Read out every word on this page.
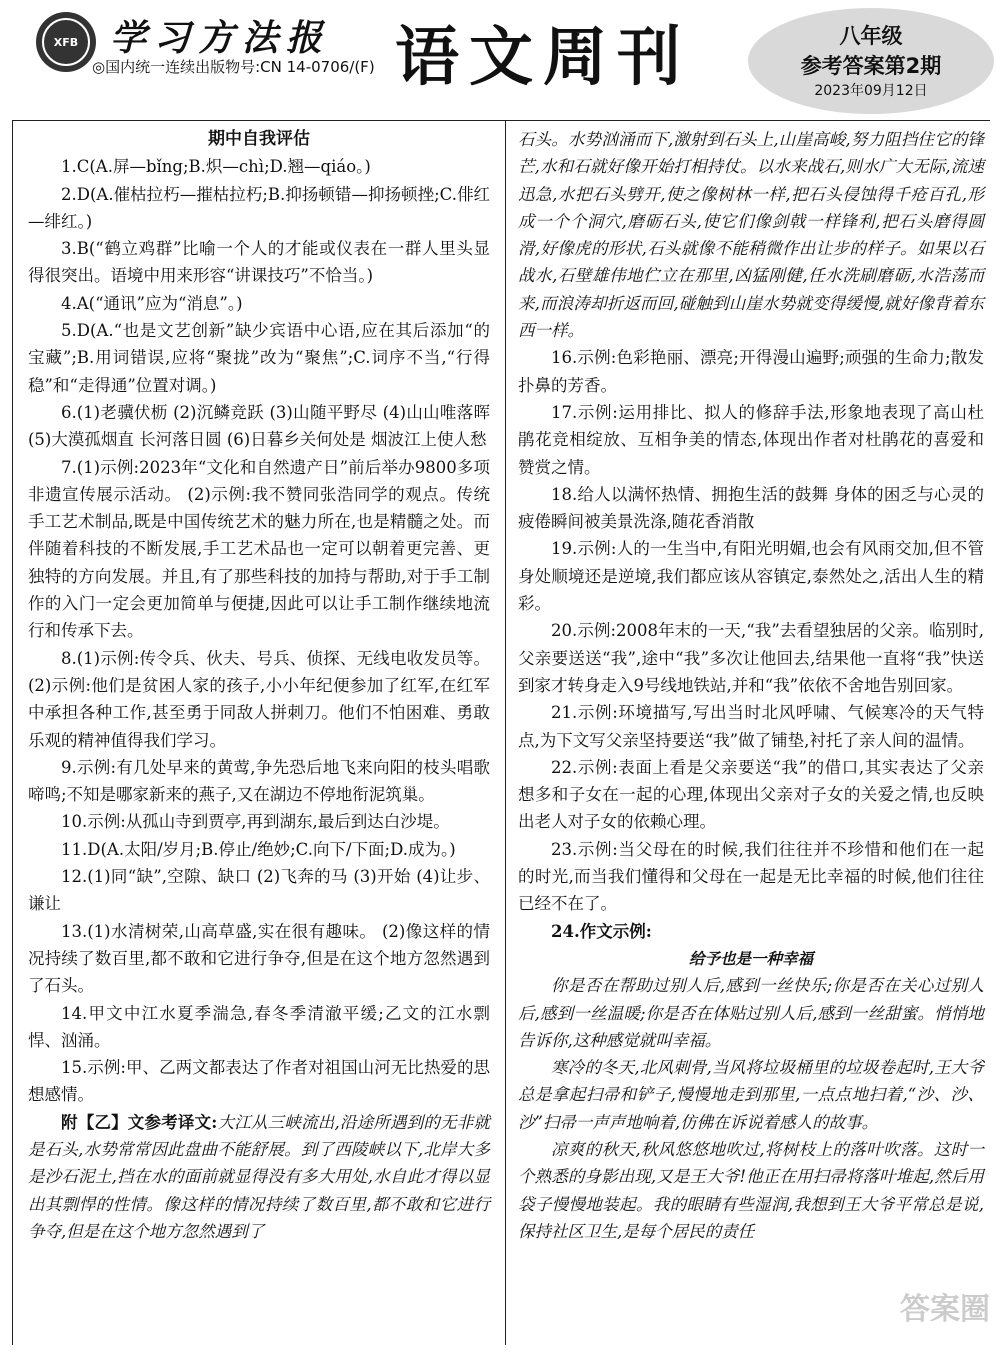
XFB 学习方法报
◎国内统一连续出版物号:CN 14-0706/(F) 语文周刊	八年级
参考答案第2期
2023年09月12日

期中自我评估

1.C(A.屏—bǐng;B.炽—chì;D.翘—qiáo。)

2.D(A.催枯拉朽—摧枯拉朽;B.抑扬顿错—抑扬顿挫;C.俳红—绯红。)

3.B(“鹤立鸡群”比喻一个人的才能或仪表在一群人里头显得很突出。语境中用来形容“讲课技巧”不恰当。)

4.A(“通讯”应为“消息”。)

5.D(A.“也是文艺创新”缺少宾语中心语,应在其后添加“的宝藏”;B.用词错误,应将“聚拢”改为“聚焦”;C.词序不当,“行得稳”和“走得通”位置对调。)

6.(1)老骥伏枥 (2)沉鳞竞跃 (3)山随平野尽 (4)山山唯落晖 (5)大漠孤烟直 长河落日圆 (6)日暮乡关何处是 烟波江上使人愁

7.(1)示例:2023年“文化和自然遗产日”前后举办9800多项非遗宣传展示活动。 (2)示例:我不赞同张浩同学的观点。传统手工艺术制品,既是中国传统艺术的魅力所在,也是精髓之处。而伴随着科技的不断发展,手工艺术品也一定可以朝着更完善、更独特的方向发展。并且,有了那些科技的加持与帮助,对于手工制作的入门一定会更加简单与便捷,因此可以让手工制作继续地流行和传承下去。

8.(1)示例:传令兵、伙夫、号兵、侦探、无线电收发员等。 (2)示例:他们是贫困人家的孩子,小小年纪便参加了红军,在红军中承担各种工作,甚至勇于同敌人拼刺刀。他们不怕困难、勇敢乐观的精神值得我们学习。

9.示例:有几处早来的黄莺,争先恐后地飞来向阳的枝头唱歌啼鸣;不知是哪家新来的燕子,又在湖边不停地衔泥筑巢。

10.示例:从孤山寺到贾亭,再到湖东,最后到达白沙堤。

11.D(A.太阳/岁月;B.停止/绝妙;C.向下/下面;D.成为。)

12.(1)同“缺”,空隙、缺口 (2)飞奔的马 (3)开始 (4)让步、谦让

13.(1)水清树荣,山高草盛,实在很有趣味。 (2)像这样的情况持续了数百里,都不敢和它进行争夺,但是在这个地方忽然遇到了石头。

14.甲文中江水夏季湍急,春冬季清澈平缓;乙文的江水剽悍、汹涌。

15.示例:甲、乙两文都表达了作者对祖国山河无比热爱的思想感情。

附【乙】文参考译文:大江从三峡流出,沿途所遇到的无非就是石头,水势常常因此盘曲不能舒展。到了西陵峡以下,北岸大多是沙石泥土,挡在水的面前就显得没有多大用处,水自此才得以显出其剽悍的性情。像这样的情况持续了数百里,都不敢和它进行争夺,但是在这个地方忽然遇到了

石头。水势汹涌而下,激射到石头上,山崖高峻,努力阻挡住它的锋芒,水和石就好像开始打相持仗。以水来战石,则水广大无际,流速迅急,水把石头劈开,使之像树林一样,把石头侵蚀得千疮百孔,形成一个个洞穴,磨砺石头,使它们像剑戟一样锋利,把石头磨得圆滑,好像虎的形状,石头就像不能稍微作出让步的样子。如果以石战水,石壁雄伟地伫立在那里,凶猛刚健,任水洗刷磨砺,水浩荡而来,而浪涛却折返而回,碰触到山崖水势就变得缓慢,就好像背着东西一样。

16.示例:色彩艳丽、漂亮;开得漫山遍野;顽强的生命力;散发扑鼻的芳香。

17.示例:运用排比、拟人的修辞手法,形象地表现了高山杜鹃花竞相绽放、互相争美的情态,体现出作者对杜鹃花的喜爱和赞赏之情。

18.给人以满怀热情、拥抱生活的鼓舞 身体的困乏与心灵的疲倦瞬间被美景洗涤,随花香消散

19.示例:人的一生当中,有阳光明媚,也会有风雨交加,但不管身处顺境还是逆境,我们都应该从容镇定,泰然处之,活出人生的精彩。

20.示例:2008年末的一天,“我”去看望独居的父亲。临别时,父亲要送送“我”,途中“我”多次让他回去,结果他一直将“我”快送到家才转身走入9号线地铁站,并和“我”依依不舍地告别回家。

21.示例:环境描写,写出当时北风呼啸、气候寒冷的天气特点,为下文写父亲坚持要送“我”做了铺垫,衬托了亲人间的温情。

22.示例:表面上看是父亲要送“我”的借口,其实表达了父亲想多和子女在一起的心理,体现出父亲对子女的关爱之情,也反映出老人对子女的依赖心理。

23.示例:当父母在的时候,我们往往并不珍惜和他们在一起的时光,而当我们懂得和父母在一起是无比幸福的时候,他们往往已经不在了。

24.作文示例:

给予也是一种幸福

你是否在帮助过别人后,感到一丝快乐;你是否在关心过别人后,感到一丝温暖;你是否在体贴过别人后,感到一丝甜蜜。悄悄地告诉你,这种感觉就叫幸福。

寒冷的冬天,北风刺骨,当风将垃圾桶里的垃圾卷起时,王大爷总是拿起扫帚和铲子,慢慢地走到那里,一点点地扫着,“沙、沙、沙”扫帚一声声地响着,仿佛在诉说着感人的故事。

凉爽的秋天,秋风悠悠地吹过,将树枝上的落叶吹落。这时一个熟悉的身影出现,又是王大爷!他正在用扫帚将落叶堆起,然后用袋子慢慢地装起。我的眼睛有些湿润,我想到王大爷平常总是说,保持社区卫生,是每个居民的责任

答案圈
